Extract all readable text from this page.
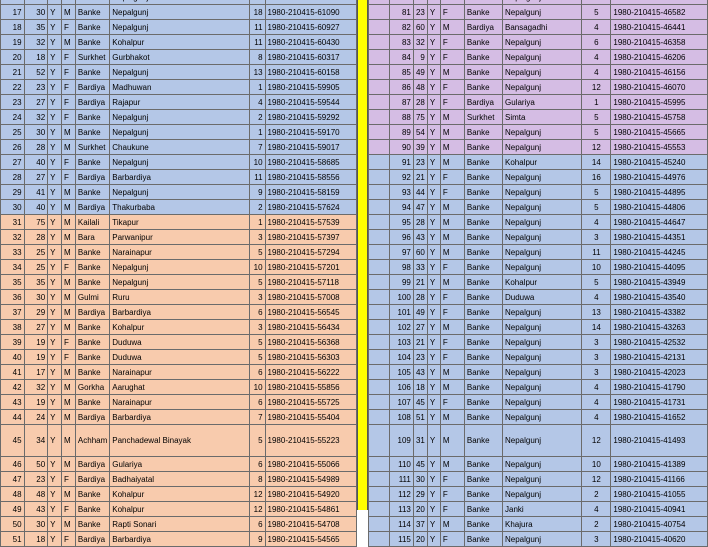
17	30	Y	M	Banke	Nepalgunj	18	1980-210415-61090
18	35	Y	F	Banke	Nepalgunj	11	1980-210415-60927
19	32	Y	M	Banke	Kohalpur	11	1980-210415-60430
20	18	Y	F	Surkhet	Gurbhakot	8	1980-210415-60317
21	52	Y	F	Banke	Nepalgunj	13	1980-210415-60158
22	23	Y	F	Bardiya	Madhuwan	1	1980-210415-59905
23	27	Y	F	Bardiya	Rajapur	4	1980-210415-59544
24	32	Y	F	Banke	Nepalgunj	2	1980-210415-59292
25	30	Y	M	Banke	Nepalgunj	1	1980-210415-59170
26	28	Y	M	Surkhet	Chaukune	7	1980-210415-59017
27	40	Y	F	Banke	Nepalgunj	10	1980-210415-58685
28	27	Y	F	Bardiya	Barbardiya	11	1980-210415-58556
29	41	Y	M	Banke	Nepalgunj	9	1980-210415-58159
30	40	Y	M	Bardiya	Thakurbaba	2	1980-210415-57624
31	75	Y	M	Kailali	Tikapur	1	1980-210415-57539
32	28	Y	M	Bara	Parwanipur	3	1980-210415-57397
33	25	Y	M	Banke	Narainapur	5	1980-210415-57294
34	25	Y	F	Banke	Nepalgunj	10	1980-210415-57201
35	35	Y	M	Banke	Nepalgunj	5	1980-210415-57118
36	30	Y	M	Gulmi	Ruru	3	1980-210415-57008
37	29	Y	M	Bardiya	Barbardiya	6	1980-210415-56545
38	27	Y	M	Banke	Kohalpur	3	1980-210415-56434
39	19	Y	F	Banke	Duduwa	5	1980-210415-56368
40	19	Y	F	Banke	Duduwa	5	1980-210415-56303
41	17	Y	M	Banke	Narainapur	6	1980-210415-56222
42	32	Y	M	Gorkha	Aarughat	10	1980-210415-55856
43	19	Y	M	Banke	Narainapur	6	1980-210415-55725
44	24	Y	M	Bardiya	Barbardiya	7	1980-210415-55404
45	34	Y	M	Achham	Panchadewal Binayak	5	1980-210415-55223
46	50	Y	M	Bardiya	Gulariya	6	1980-210415-55066
47	23	Y	F	Bardiya	Badhaiyatal	8	1980-210415-54989
48	48	Y	M	Banke	Kohalpur	12	1980-210415-54920
49	43	Y	F	Banke	Kohalpur	12	1980-210415-54861
50	30	Y	M	Banke	Rapti Sonari	6	1980-210415-54708
51	18	Y	F	Bardiya	Barbardiya	9	1980-210415-54565

	81	23	Y	F	Banke	Nepalgunj	5	1980-210415-46582
	82	60	Y	M	Bardiya	Bansagadhi	4	1980-210415-46441
	83	32	Y	F	Banke	Nepalgunj	6	1980-210415-46358
	84	9	Y	F	Banke	Nepalgunj	4	1980-210415-46206
	85	49	Y	M	Banke	Nepalgunj	4	1980-210415-46156
	86	48	Y	F	Banke	Nepalgunj	12	1980-210415-46070
	87	28	Y	F	Bardiya	Gulariya	1	1980-210415-45995
	88	75	Y	M	Surkhet	Simta	5	1980-210415-45758
	89	54	Y	M	Banke	Nepalgunj	5	1980-210415-45665
	90	39	Y	M	Banke	Nepalgunj	12	1980-210415-45553
	91	23	Y	M	Banke	Kohalpur	14	1980-210415-45240
	92	21	Y	F	Banke	Nepalgunj	16	1980-210415-44976
	93	44	Y	F	Banke	Nepalgunj	5	1980-210415-44895
	94	47	Y	M	Banke	Nepalgunj	5	1980-210415-44806
	95	28	Y	M	Banke	Nepalgunj	4	1980-210415-44647
	96	43	Y	M	Banke	Nepalgunj	3	1980-210415-44351
	97	60	Y	M	Banke	Nepalgunj	11	1980-210415-44245
	98	33	Y	F	Banke	Nepalgunj	10	1980-210415-44095
	99	21	Y	M	Banke	Kohalpur	5	1980-210415-43949
	100	28	Y	F	Banke	Duduwa	4	1980-210415-43540
	101	49	Y	F	Banke	Nepalgunj	13	1980-210415-43382
	102	27	Y	M	Banke	Nepalgunj	14	1980-210415-43263
	103	21	Y	F	Banke	Nepalgunj	3	1980-210415-42532
	104	23	Y	F	Banke	Nepalgunj	3	1980-210415-42131
	105	43	Y	M	Banke	Nepalgunj	3	1980-210415-42023
	106	18	Y	M	Banke	Nepalgunj	4	1980-210415-41790
	107	45	Y	F	Banke	Nepalgunj	4	1980-210415-41731
	108	51	Y	M	Banke	Nepalgunj	4	1980-210415-41652
	109	31	Y	M	Banke	Nepalgunj	12	1980-210415-41493
	110	45	Y	M	Banke	Nepalgunj	10	1980-210415-41389
	111	30	Y	F	Banke	Nepalgunj	12	1980-210415-41166
	112	29	Y	F	Banke	Nepalgunj	2	1980-210415-41055
	113	20	Y	F	Banke	Janki	4	1980-210415-40941
	114	37	Y	M	Banke	Khajura	2	1980-210415-40754
	115	20	Y	F	Banke	Nepalgunj	3	1980-210415-40620
